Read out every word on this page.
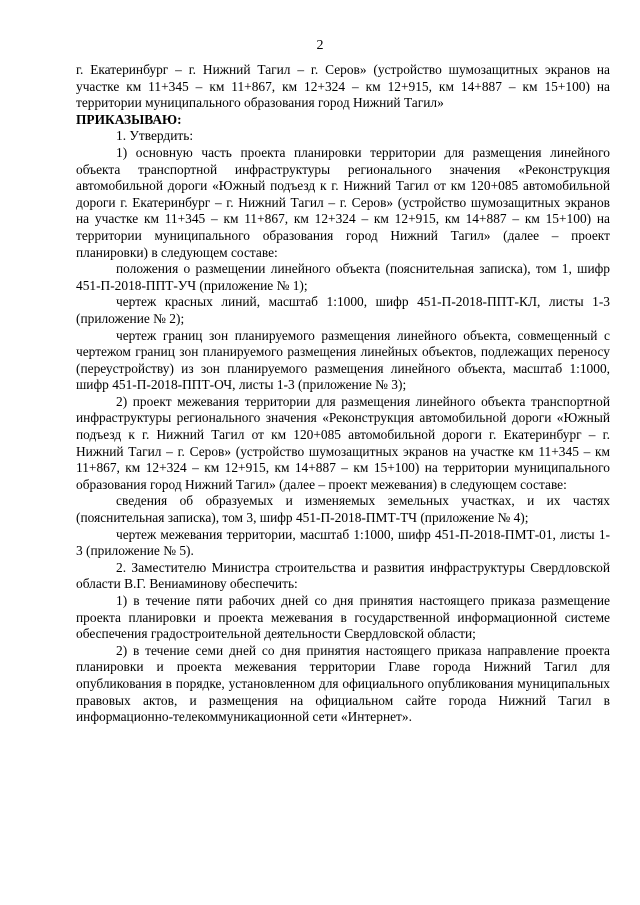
2

г. Екатеринбург – г. Нижний Тагил – г. Серов» (устройство шумозащитных экранов на участке км 11+345 – км 11+867, км 12+324 – км 12+915, км 14+887 – км 15+100) на территории муниципального образования город Нижний Тагил»

ПРИКАЗЫВАЮ:

1. Утвердить:

1) основную часть проекта планировки территории для размещения линейного объекта транспортной инфраструктуры регионального значения «Реконструкция автомобильной дороги «Южный подъезд к г. Нижний Тагил от км 120+085 автомобильной дороги г. Екатеринбург – г. Нижний Тагил – г. Серов» (устройство шумозащитных экранов на участке км 11+345 – км 11+867, км 12+324 – км 12+915, км 14+887 – км 15+100) на территории муниципального образования город Нижний Тагил» (далее – проект планировки) в следующем составе:

положения о размещении линейного объекта (пояснительная записка), том 1, шифр 451-П-2018-ППТ-УЧ (приложение № 1);

чертеж красных линий, масштаб 1:1000, шифр 451-П-2018-ППТ-КЛ, листы 1-3 (приложение № 2);

чертеж границ зон планируемого размещения линейного объекта, совмещенный с чертежом границ зон планируемого размещения линейных объектов, подлежащих переносу (переустройству) из зон планируемого размещения линейного объекта, масштаб 1:1000, шифр 451-П-2018-ППТ-ОЧ, листы 1-3 (приложение № 3);

2) проект межевания территории для размещения линейного объекта транспортной инфраструктуры регионального значения «Реконструкция автомобильной дороги «Южный подъезд к г. Нижний Тагил от км 120+085 автомобильной дороги г. Екатеринбург – г. Нижний Тагил – г. Серов» (устройство шумозащитных экранов на участке км 11+345 – км 11+867, км 12+324 – км 12+915, км 14+887 – км 15+100) на территории муниципального образования город Нижний Тагил» (далее – проект межевания) в следующем составе:

сведения об образуемых и изменяемых земельных участках, и их частях (пояснительная записка), том 3, шифр 451-П-2018-ПМТ-ТЧ (приложение № 4);

чертеж межевания территории, масштаб 1:1000, шифр 451-П-2018-ПМТ-01, листы 1-3 (приложение № 5).

2. Заместителю Министра строительства и развития инфраструктуры Свердловской области В.Г. Вениаминову обеспечить:

1) в течение пяти рабочих дней со дня принятия настоящего приказа размещение проекта планировки и проекта межевания в государственной информационной системе обеспечения градостроительной деятельности Свердловской области;

2) в течение семи дней со дня принятия настоящего приказа направление проекта планировки и проекта межевания территории Главе города Нижний Тагил для опубликования в порядке, установленном для официального опубликования муниципальных правовых актов, и размещения на официальном сайте города Нижний Тагил в информационно-телекоммуникационной сети «Интернет».
